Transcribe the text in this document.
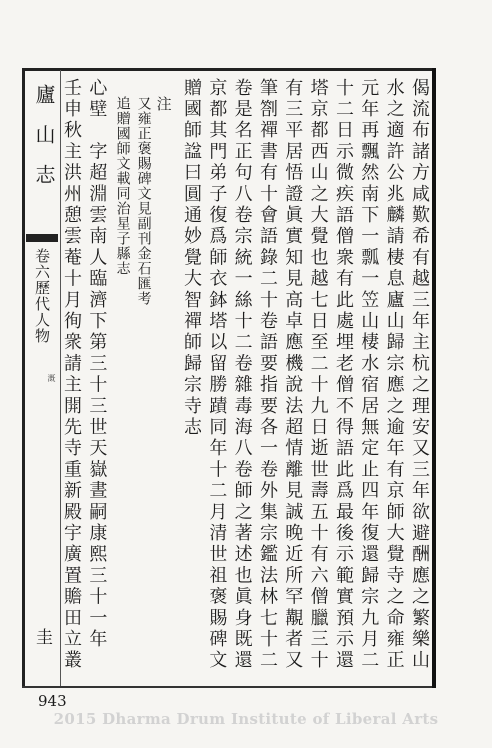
廬山志
卷六歷代人物
溉
圭	偈流布諸方咸歎希有越三年主杭之理安又三年欲避酬應之繁樂山
水之適許公兆麟請棲息廬山歸宗應之逾年有京師大覺寺之命雍正
元年再飄然南下一瓢一笠山棲水宿居無定止四年復還歸宗九月二
十二日示微疾語僧衆有此處埋老僧不得語此爲最後示範實預示還
塔京都西山之大覺也越七日至二十九日逝世壽五十有六僧臘三十
有三平居悟證眞實知見高卓應機說法超情離見誠晚近所罕覯者又
筆劄禪書有十會語錄二十卷語要指要各一卷外集宗鑑法林七十二
卷是名正句八卷宗統一絲十二卷雜毒海八卷師之著述也眞身既還
京都其門弟子復爲師衣鉢塔以留勝蹟同年十二月清世祖褒賜碑文
贈國師諡曰圓通妙覺大智禪師歸宗寺志
注
又雍正褒賜碑文見副刊金石匯考
追贈國師文載同治星子縣志
心壁　字超淵雲南人臨濟下第三十三世天嶽晝嗣康熙三十一年
壬申秋主洪州憩雲菴十月徇衆請主開先寺重新殿宇廣置贍田立叢
943
2015 Dharma Drum Institute of Liberal Arts
